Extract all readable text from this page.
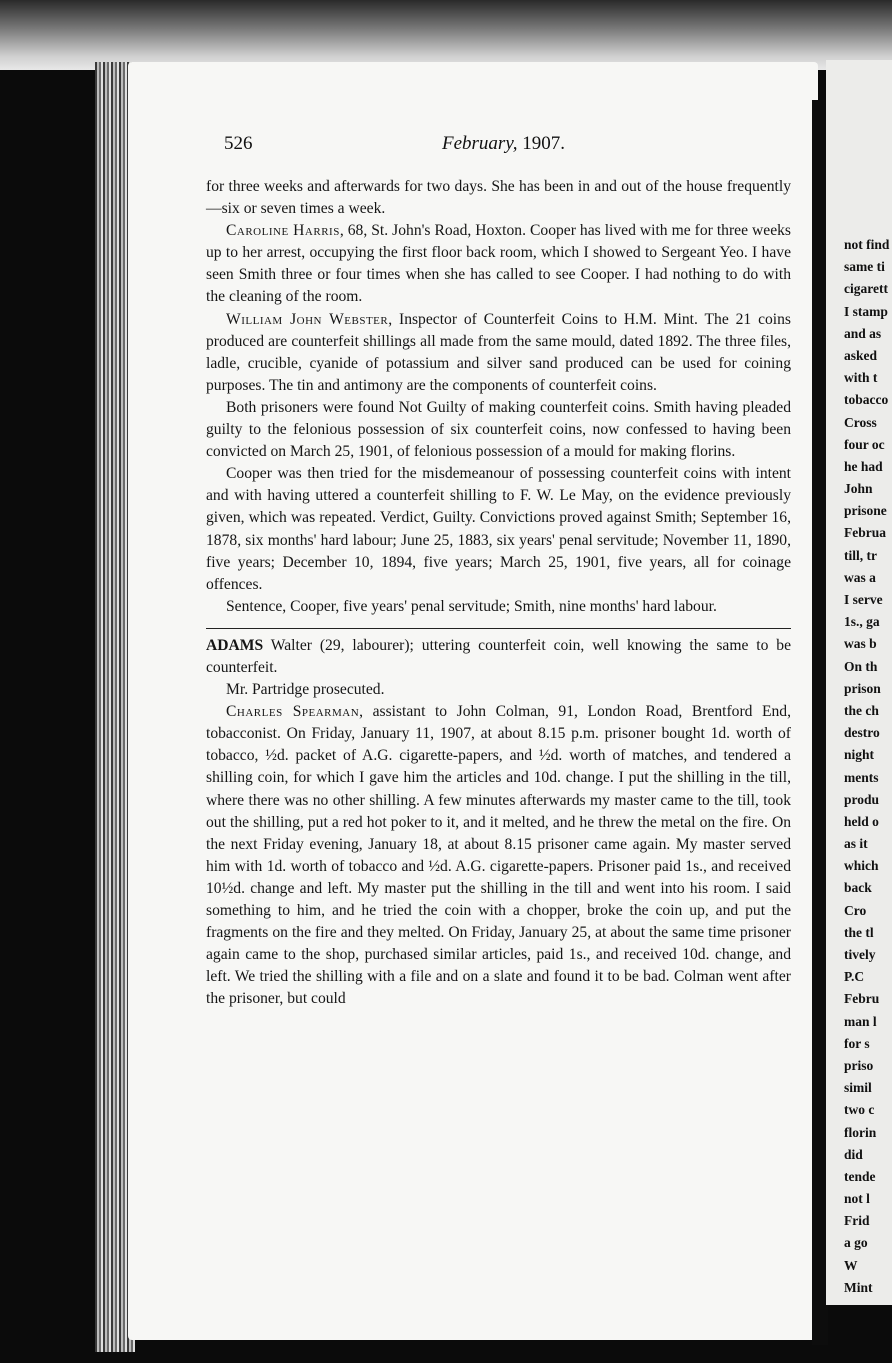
not find
same ti
cigarett
I stamp
and as
asked
with t
tobacco
Cross
four oc
he had
John
prisone
Februa
till, tr
was a
I serve
1s., ga
was b
On th
prison
the ch
destro
night
ments
produ
held o
as it
which
back
Cro
the tl
tively
P.C
Febru
man l
for s
priso
simil
two c
florin
did
tende
not l
Frid
a go
W
Mint
526	February, 1907.

for three weeks and afterwards for two days. She has been in and out of the house frequently—six or seven times a week.

Caroline Harris, 68, St. John's Road, Hoxton. Cooper has lived with me for three weeks up to her arrest, occupying the first floor back room, which I showed to Sergeant Yeo. I have seen Smith three or four times when she has called to see Cooper. I had nothing to do with the cleaning of the room.

William John Webster, Inspector of Counterfeit Coins to H.M. Mint. The 21 coins produced are counterfeit shillings all made from the same mould, dated 1892. The three files, ladle, crucible, cyanide of potassium and silver sand produced can be used for coining purposes. The tin and antimony are the components of counterfeit coins.

Both prisoners were found Not Guilty of making counterfeit coins. Smith having pleaded guilty to the felonious possession of six counterfeit coins, now confessed to having been convicted on March 25, 1901, of felonious possession of a mould for making florins.

Cooper was then tried for the misdemeanour of possessing counterfeit coins with intent and with having uttered a counterfeit shilling to F. W. Le May, on the evidence previously given, which was repeated. Verdict, Guilty. Convictions proved against Smith; September 16, 1878, six months' hard labour; June 25, 1883, six years' penal servitude; November 11, 1890, five years; December 10, 1894, five years; March 25, 1901, five years, all for coinage offences.

Sentence, Cooper, five years' penal servitude; Smith, nine months' hard labour.

ADAMS Walter (29, labourer); uttering counterfeit coin, well knowing the same to be counterfeit.

Mr. Partridge prosecuted.

Charles Spearman, assistant to John Colman, 91, London Road, Brentford End, tobacconist. On Friday, January 11, 1907, at about 8.15 p.m. prisoner bought 1d. worth of tobacco, ½d. packet of A.G. cigarette-papers, and ½d. worth of matches, and tendered a shilling coin, for which I gave him the articles and 10d. change. I put the shilling in the till, where there was no other shilling. A few minutes afterwards my master came to the till, took out the shilling, put a red hot poker to it, and it melted, and he threw the metal on the fire. On the next Friday evening, January 18, at about 8.15 prisoner came again. My master served him with 1d. worth of tobacco and ½d. A.G. cigarette-papers. Prisoner paid 1s., and received 10½d. change and left. My master put the shilling in the till and went into his room. I said something to him, and he tried the coin with a chopper, broke the coin up, and put the fragments on the fire and they melted. On Friday, January 25, at about the same time prisoner again came to the shop, purchased similar articles, paid 1s., and received 10d. change, and left. We tried the shilling with a file and on a slate and found it to be bad. Colman went after the prisoner, but could
